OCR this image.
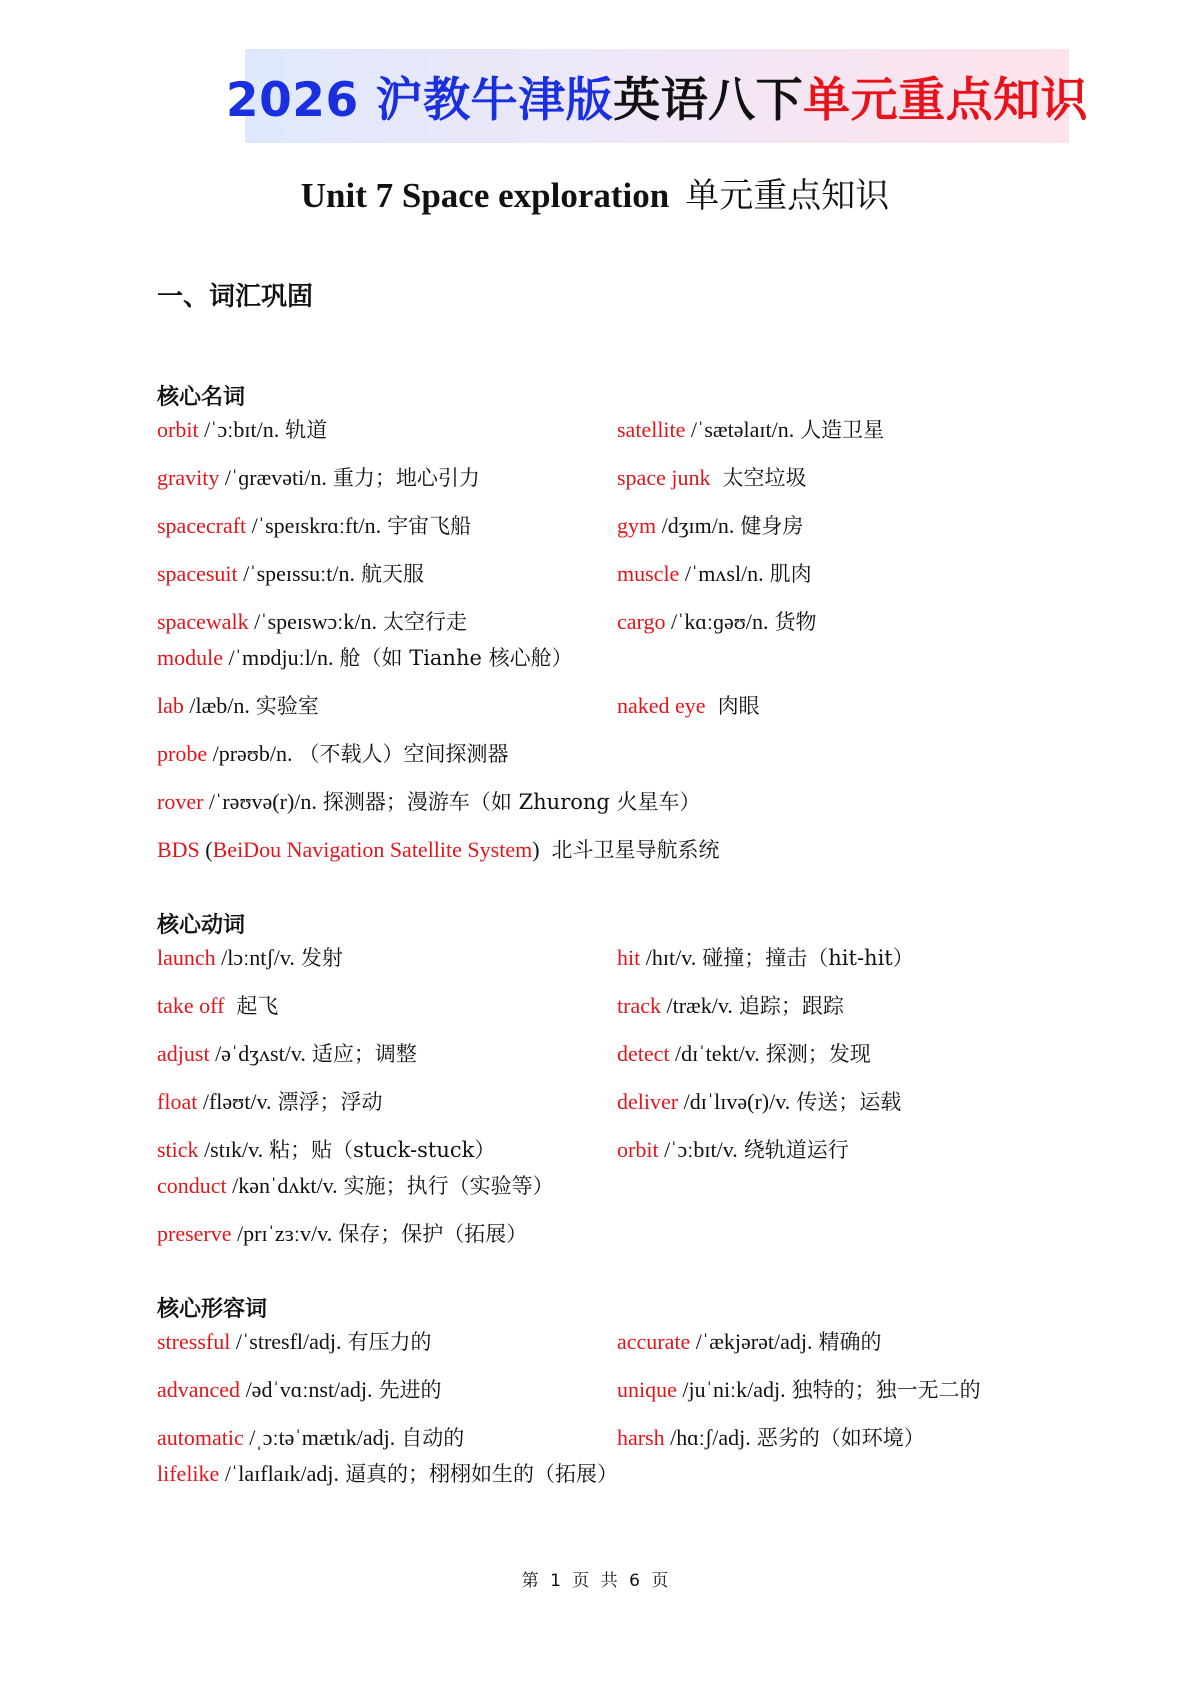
2026 沪教牛津版 英语八下 单元重点知识
Unit 7 Space exploration 单元重点知识
一、词汇巩固
核心名词
orbit /ˈɔːbɪt/n. 轨道	satellite /ˈsætəlaɪt/n. 人造卫星
gravity /ˈɡrævəti/n. 重力；地心引力	space junk 太空垃圾
spacecraft /ˈspeɪskrɑːft/n. 宇宙飞船	gym /dʒɪm/n. 健身房
spacesuit /ˈspeɪssuːt/n. 航天服	muscle /ˈmʌsl/n. 肌肉
spacewalk /ˈspeɪswɔːk/n. 太空行走	cargo /ˈkɑːɡəʊ/n. 货物
module /ˈmɒdjuːl/n. 舱（如 Tianhe 核心舱）
lab /læb/n. 实验室	naked eye 肉眼
probe /prəʊb/n. （不载人）空间探测器
rover /ˈrəʊvə(r)/n. 探测器；漫游车（如 Zhurong 火星车）
BDS (BeiDou Navigation Satellite System) 北斗卫星导航系统
核心动词
launch /lɔːntʃ/v. 发射	hit /hɪt/v. 碰撞；撞击（hit-hit）
take off 起飞	track /træk/v. 追踪；跟踪
adjust /əˈdʒʌst/v. 适应；调整	detect /dɪˈtekt/v. 探测；发现
float /fləʊt/v. 漂浮；浮动	deliver /dɪˈlɪvə(r)/v. 传送；运载
stick /stɪk/v. 粘；贴（stuck-stuck）	orbit /ˈɔːbɪt/v. 绕轨道运行
conduct /kənˈdʌkt/v. 实施；执行（实验等）
preserve /prɪˈzɜːv/v. 保存；保护（拓展）
核心形容词
stressful /ˈstresfl/adj. 有压力的	accurate /ˈækjərət/adj. 精确的
advanced /ədˈvɑːnst/adj. 先进的	unique /juˈniːk/adj. 独特的；独一无二的
automatic /ˌɔːtəˈmætɪk/adj. 自动的	harsh /hɑːʃ/adj. 恶劣的（如环境）
lifelike /ˈlaɪflaɪk/adj. 逼真的；栩栩如生的（拓展）
第 1 页 共 6 页
